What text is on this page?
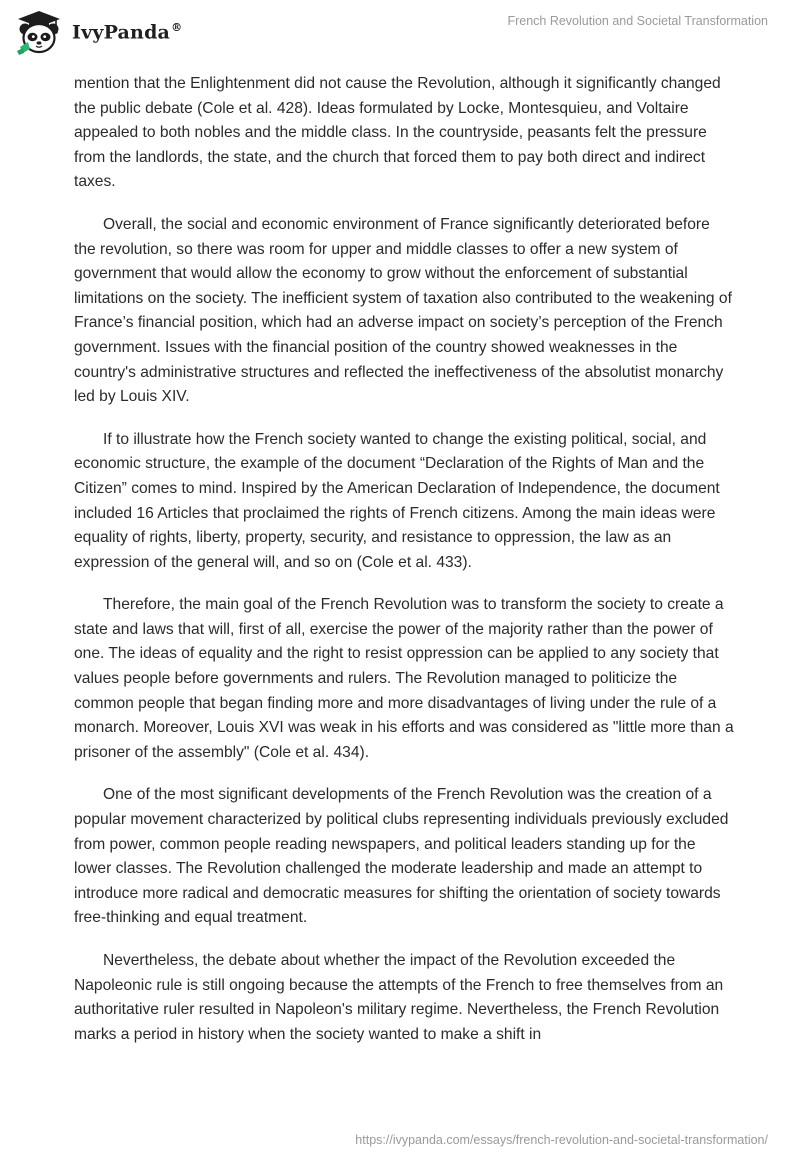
IvyPanda®	French Revolution and Societal Transformation

mention that the Enlightenment did not cause the Revolution, although it significantly changed the public debate (Cole et al. 428). Ideas formulated by Locke, Montesquieu, and Voltaire appealed to both nobles and the middle class. In the countryside, peasants felt the pressure from the landlords, the state, and the church that forced them to pay both direct and indirect taxes.

Overall, the social and economic environment of France significantly deteriorated before the revolution, so there was room for upper and middle classes to offer a new system of government that would allow the economy to grow without the enforcement of substantial limitations on the society. The inefficient system of taxation also contributed to the weakening of France’s financial position, which had an adverse impact on society’s perception of the French government. Issues with the financial position of the country showed weaknesses in the country's administrative structures and reflected the ineffectiveness of the absolutist monarchy led by Louis XIV.

If to illustrate how the French society wanted to change the existing political, social, and economic structure, the example of the document “Declaration of the Rights of Man and the Citizen” comes to mind. Inspired by the American Declaration of Independence, the document included 16 Articles that proclaimed the rights of French citizens. Among the main ideas were equality of rights, liberty, property, security, and resistance to oppression, the law as an expression of the general will, and so on (Cole et al. 433).

Therefore, the main goal of the French Revolution was to transform the society to create a state and laws that will, first of all, exercise the power of the majority rather than the power of one. The ideas of equality and the right to resist oppression can be applied to any society that values people before governments and rulers. The Revolution managed to politicize the common people that began finding more and more disadvantages of living under the rule of a monarch. Moreover, Louis XVI was weak in his efforts and was considered as "little more than a prisoner of the assembly" (Cole et al. 434).

One of the most significant developments of the French Revolution was the creation of a popular movement characterized by political clubs representing individuals previously excluded from power, common people reading newspapers, and political leaders standing up for the lower classes. The Revolution challenged the moderate leadership and made an attempt to introduce more radical and democratic measures for shifting the orientation of society towards free-thinking and equal treatment.

Nevertheless, the debate about whether the impact of the Revolution exceeded the Napoleonic rule is still ongoing because the attempts of the French to free themselves from an authoritative ruler resulted in Napoleon's military regime. Nevertheless, the French Revolution marks a period in history when the society wanted to make a shift in

https://ivypanda.com/essays/french-revolution-and-societal-transformation/
